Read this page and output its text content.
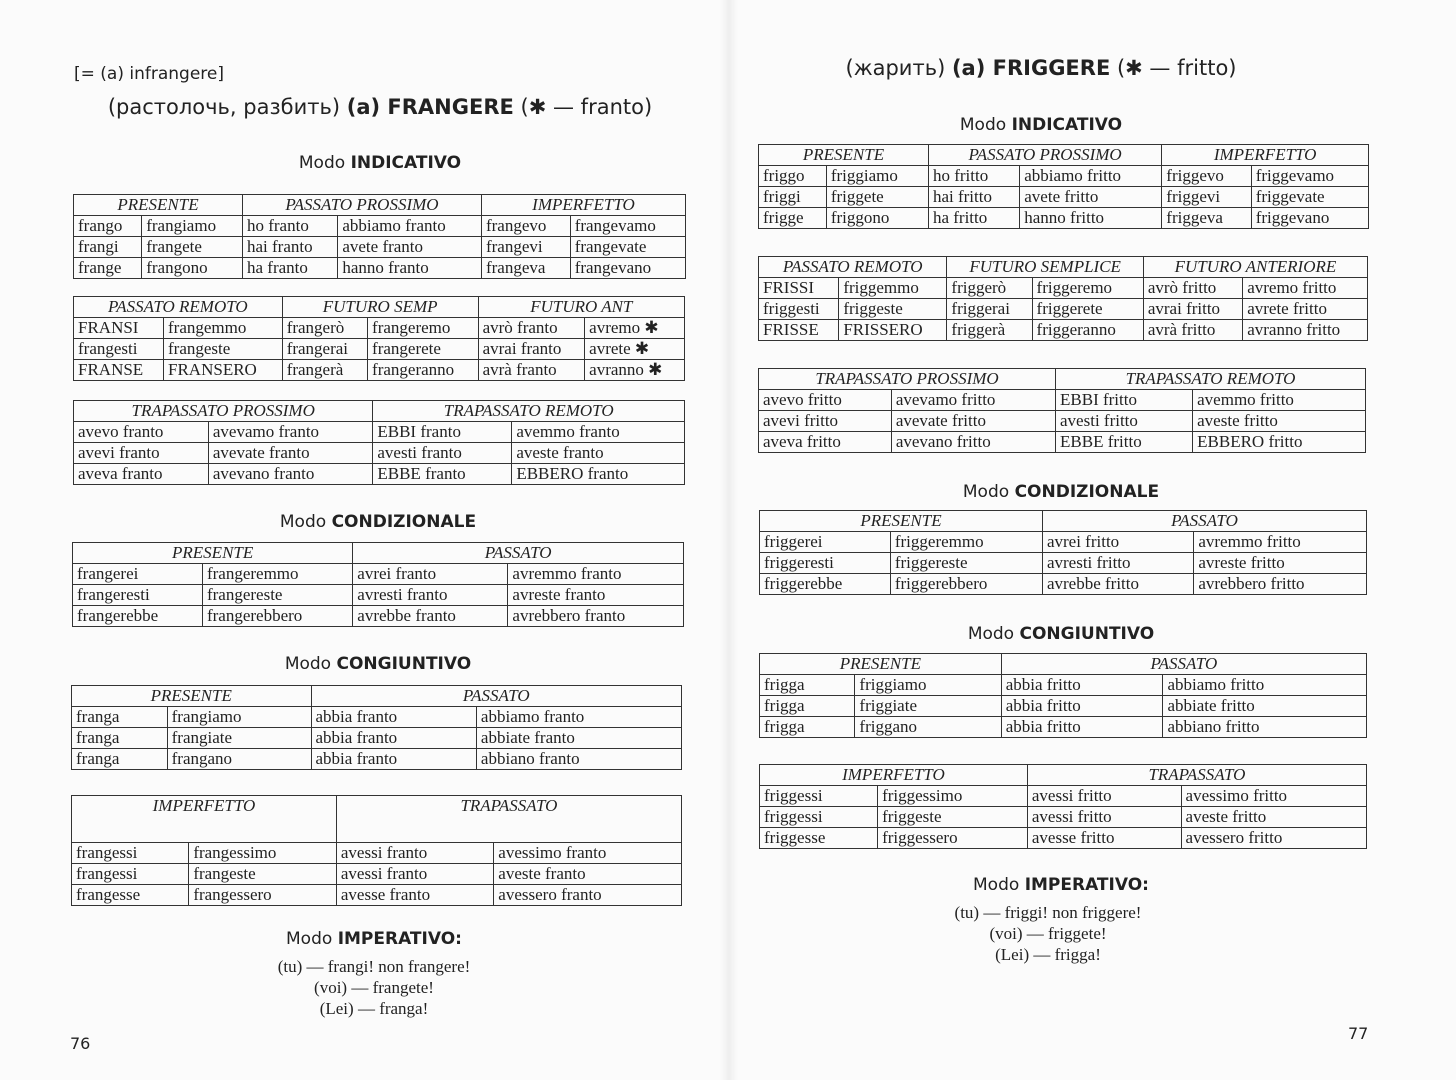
[= (a) infrangere]
(растолочь, разбить) (a) FRANGERE (✱ — franto)
Modo INDICATIVO
PRESENTE		PASSATO PROSSIMO		IMPERFETTO	
frango	frangiamo	ho franto	abbiamo franto	frangevo	frangevamo
frangi	frangete	hai franto	avete franto	frangevi	frangevate
frange	frangono	ha franto	hanno franto	frangeva	frangevano
PASSATO REMOTO		FUTURO SEMP		FUTURO ANT	
FRANSI	frangemmo	frangerò	frangeremo	avrò franto	avremo ✱
frangesti	frangeste	frangerai	frangerete	avrai franto	avrete ✱
FRANSE	FRANSERO	frangerà	frangeranno	avrà franto	avranno ✱
TRAPASSATO PROSSIMO		TRAPASSATO REMOTO	
avevo franto	avevamo franto	EBBI franto	avemmo franto
avevi franto	avevate franto	avesti franto	aveste franto
aveva franto	avevano franto	EBBE franto	EBBERO franto
Modo CONDIZIONALE
PRESENTE		PASSATO	
frangerei	frangeremmo	avrei franto	avremmo franto
frangeresti	frangereste	avresti franto	avreste franto
frangerebbe	frangerebbero	avrebbe franto	avrebbero franto
Modo CONGIUNTIVO
PRESENTE		PASSATO	
franga	frangiamo	abbia franto	abbiamo franto
franga	frangiate	abbia franto	abbiate franto
franga	frangano	abbia franto	abbiano franto
IMPERFETTO		TRAPASSATO	
frangessi	frangessimo	avessi franto	avessimo franto
frangessi	frangeste	avessi franto	aveste franto
frangesse	frangessero	avesse franto	avessero franto
Modo IMPERATIVO:
(tu) — frangi! non frangere!
(voi) — frangete!
(Lei) — franga!
76
(жарить) (a) FRIGGERE (✱ — fritto)
Modo INDICATIVO
PRESENTE		PASSATO PROSSIMO		IMPERFETTO	
friggo	friggiamo	ho fritto	abbiamo fritto	friggevo	friggevamo
friggi	friggete	hai fritto	avete fritto	friggevi	friggevate
frigge	friggono	ha fritto	hanno fritto	friggeva	friggevano
PASSATO REMOTO		FUTURO SEMPLICE		FUTURO ANTERIORE	
FRISSI	friggemmo	friggerò	friggeremo	avrò fritto	avremo fritto
friggesti	friggeste	friggerai	friggerete	avrai fritto	avrete fritto
FRISSE	FRISSERO	friggerà	friggeranno	avrà fritto	avranno fritto
TRAPASSATO PROSSIMO		TRAPASSATO REMOTO	
avevo fritto	avevamo fritto	EBBI fritto	avemmo fritto
avevi fritto	avevate fritto	avesti fritto	aveste fritto
aveva fritto	avevano fritto	EBBE fritto	EBBERO fritto
Modo CONDIZIONALE
PRESENTE		PASSATO	
friggerei	friggeremmo	avrei fritto	avremmo fritto
friggeresti	friggereste	avresti fritto	avreste fritto
friggerebbe	friggerebbero	avrebbe fritto	avrebbero fritto
Modo CONGIUNTIVO
PRESENTE		PASSATO	
frigga	friggiamo	abbia fritto	abbiamo fritto
frigga	friggiate	abbia fritto	abbiate fritto
frigga	friggano	abbia fritto	abbiano fritto
IMPERFETTO		TRAPASSATO	
friggessi	friggessimo	avessi fritto	avessimo fritto
friggessi	friggeste	avessi fritto	aveste fritto
friggesse	friggessero	avesse fritto	avessero fritto
Modo IMPERATIVO:
(tu) — friggi! non friggere!
(voi) — friggete!
(Lei) — frigga!
77
